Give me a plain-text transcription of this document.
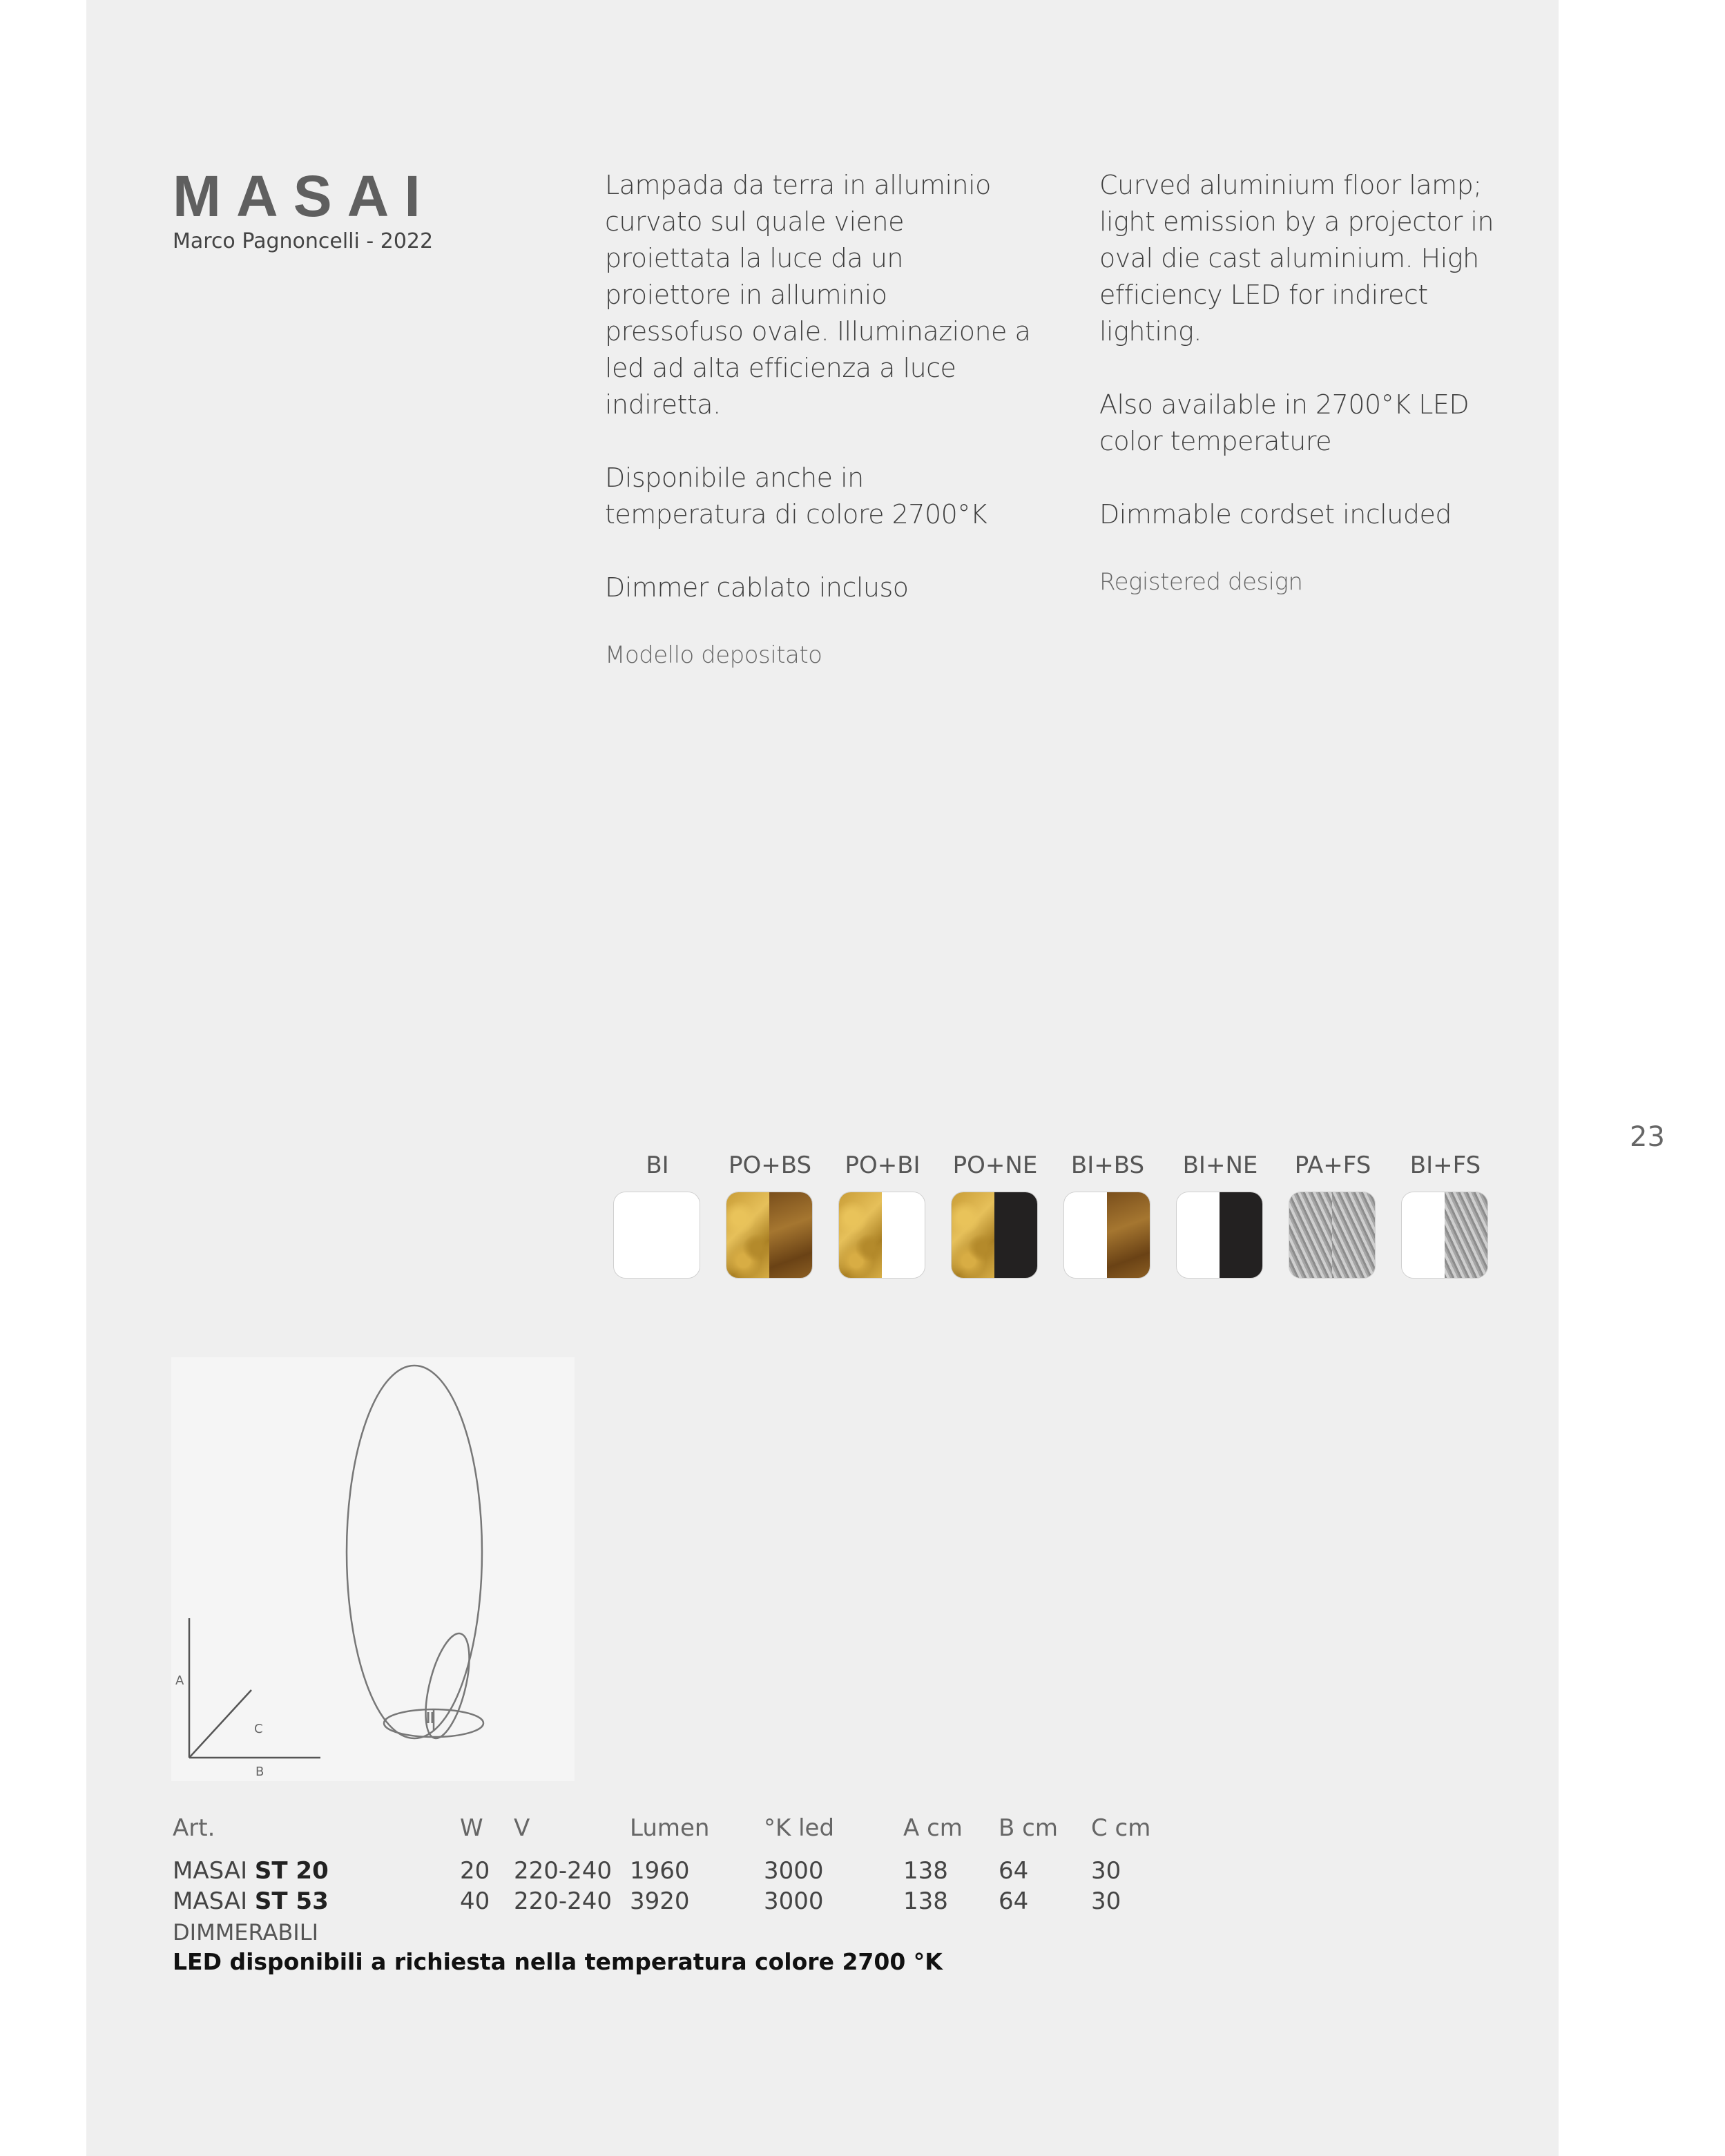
MASAI
Marco Pagnoncelli - 2022

Lampada da terra in alluminio curvato sul quale viene proiettata la luce da un proiettore in alluminio pressofuso ovale. Illuminazione a led ad alta efficienza a luce indiretta.

Disponibile anche in temperatura di colore 2700°K

Dimmer cablato incluso

Modello depositato

Curved aluminium floor lamp; light emission by a projector in oval die cast aluminium. High efficiency LED for indirect lighting.

Also available in 2700°K LED color temperature

Dimmable cordset included

Registered design

23
BI	PO+BS PO+BI PO+NE	BI+BS	BI+NE PA+FS	BI+FS
A
C
B
Art.	W V	Lumen °K led	A cm B cm C cm
MASAI ST 20	20 220-240 1960	3000	138 64	30
MASAI ST 53	40 220-240 3920	3000	138 64	30
DIMMERABILI
LED disponibili a richiesta nella temperatura colore 2700 °K
